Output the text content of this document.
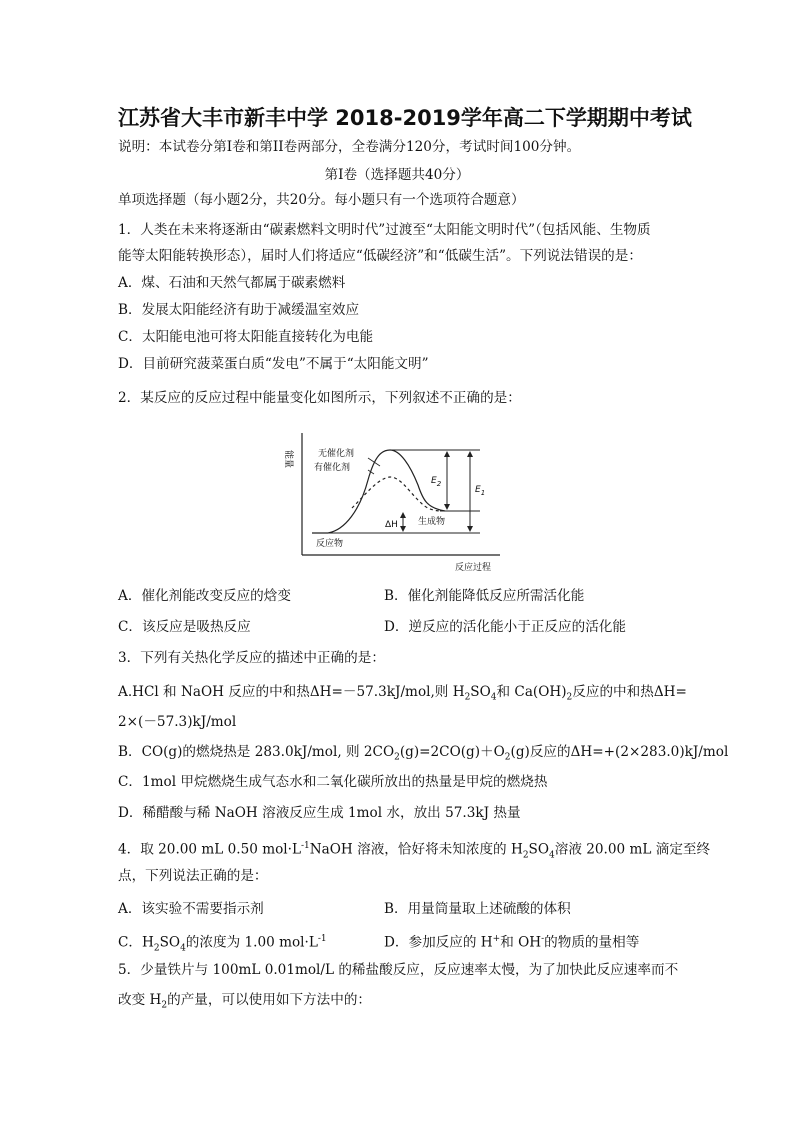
江苏省大丰市新丰中学 2018-2019学年高二下学期期中考试
说明：本试卷分第I卷和第II卷两部分，全卷满分120分，考试时间100分钟。
第I卷（选择题共40分）
单项选择题（每小题2分，共20分。每小题只有一个选项符合题意）
1．人类在未来将逐渐由“碳素燃料文明时代”过渡至“太阳能文明时代”（包括风能、生物质
能等太阳能转换形态），届时人们将适应“低碳经济”和“低碳生活”。下列说法错误的是：
A．煤、石油和天然气都属于碳素燃料
B．发展太阳能经济有助于减缓温室效应
C．太阳能电池可将太阳能直接转化为电能
D．目前研究菠菜蛋白质“发电”不属于“太阳能文明”
2．某反应的反应过程中能量变化如图所示，下列叙述不正确的是：
能量	无催化剂
有催化剂
反应物
生成物
ΔH
反应过程
$E_2$
$E_1$
A．催化剂能改变反应的焓变	B．催化剂能降低反应所需活化能
C．该反应是吸热反应	D．逆反应的活化能小于正反应的活化能
3．下列有关热化学反应的描述中正确的是：
A.HCl 和 NaOH 反应的中和热ΔH=－57.3kJ/mol,则 $H_2SO_4$和 $Ca(OH)_2$反应的中和热ΔH=
2×(－57.3)kJ/mol
B．CO(g)的燃烧热是 283.0kJ/mol, 则 $2CO_2(g)=2CO(g)+O_2(g)$反应的ΔH=+(2×283.0)kJ/mol
C．1mol 甲烷燃烧生成气态水和二氧化碳所放出的热量是甲烷的燃烧热
D．稀醋酸与稀 NaOH 溶液反应生成 1mol 水，放出 57.3kJ 热量
4．取 20.00 mL 0.50 $mol\cdot L^{-1}NaOH$ 溶液，恰好将未知浓度的 $H_2SO_4$溶液 20.00 mL 滴定至终
点，下列说法正确的是：
A．该实验不需要指示剂	B．用量筒量取上述硫酸的体积
C．$H_2SO_4$的浓度为 1.00 $mol\cdot L^{-1}$	D．参加反应的 H+和 OH-的物质的量相等
5．少量铁片与 100mL 0.01mol/L 的稀盐酸反应，反应速率太慢，为了加快此反应速率而不
改变 $H_2$的产量，可以使用如下方法中的：
